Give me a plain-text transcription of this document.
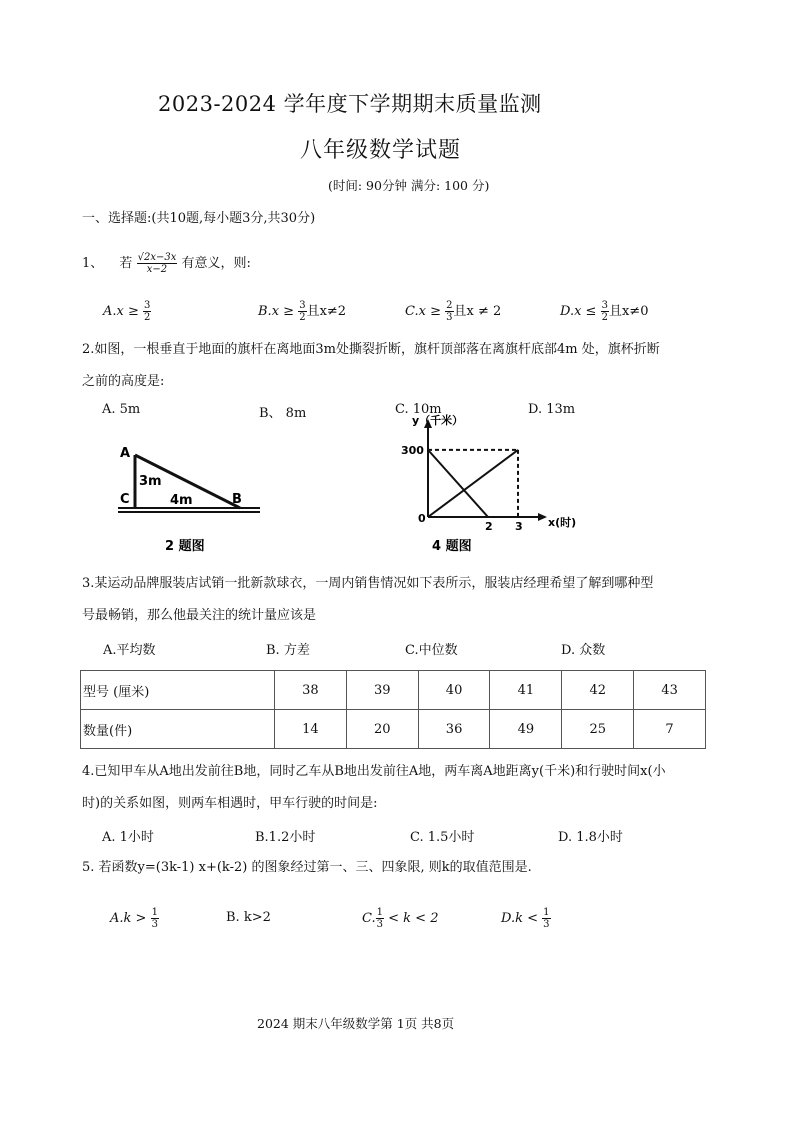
2023-2024 学年度下学期期末质量监测
八年级数学试题
(时间: 90分钟 满分: 100 分)
一、选择题:(共10题,每小题3分,共30分)
1、 若 $\frac{√2x-3x}{x-2}$ 有意义，则:
$A.x \ge \frac{3}{2}$	$B.x \ge \frac{3}{2}$ 且x≠2	$C.x \ge \frac{2}{3}$ 且x ≠ 2	$D.x \le \frac{3}{2}$ 且x≠0
2.如图，一根垂直于地面的旗杆在离地面3m处撕裂折断，旗杆顶部落在离旗杆底部4m 处，旗杯折断
之前的高度是:
A. 5m	B、 8m	C. 10m	D. 13m
A
C	B
3m
4m
2 题图
y（千米）
x(时)
0
300
2 3
4 题图
3.某运动品牌服装店试销一批新款球衣，一周内销售情况如下表所示，服装店经理希望了解到哪种型
号最畅销，那么他最关注的统计量应该是
A.平均数	B. 方差	C.中位数	D. 众数
型号 (厘米)	38	39	40	41	42	43
数量(件)	14	20	36	49	25	7
4.已知甲车从A地出发前往B地，同时乙车从B地出发前往A地，两车离A地距离y(千米)和行驶时间x(小
时)的关系如图，则两车相遇时，甲车行驶的时间是:
A. 1小时	B.1.2小时	C. 1.5小时	D. 1.8小时
5. 若函数y=(3k-1) x+(k-2) 的图象经过第一、三、四象限, 则k的取值范围是.
$A.k > \frac{1}{3}$	B. k>2	C. $\frac{1}{3} < k < 2$	$D.k < \frac{1}{3}$
2024 期末八年级数学第 1页 共8页
